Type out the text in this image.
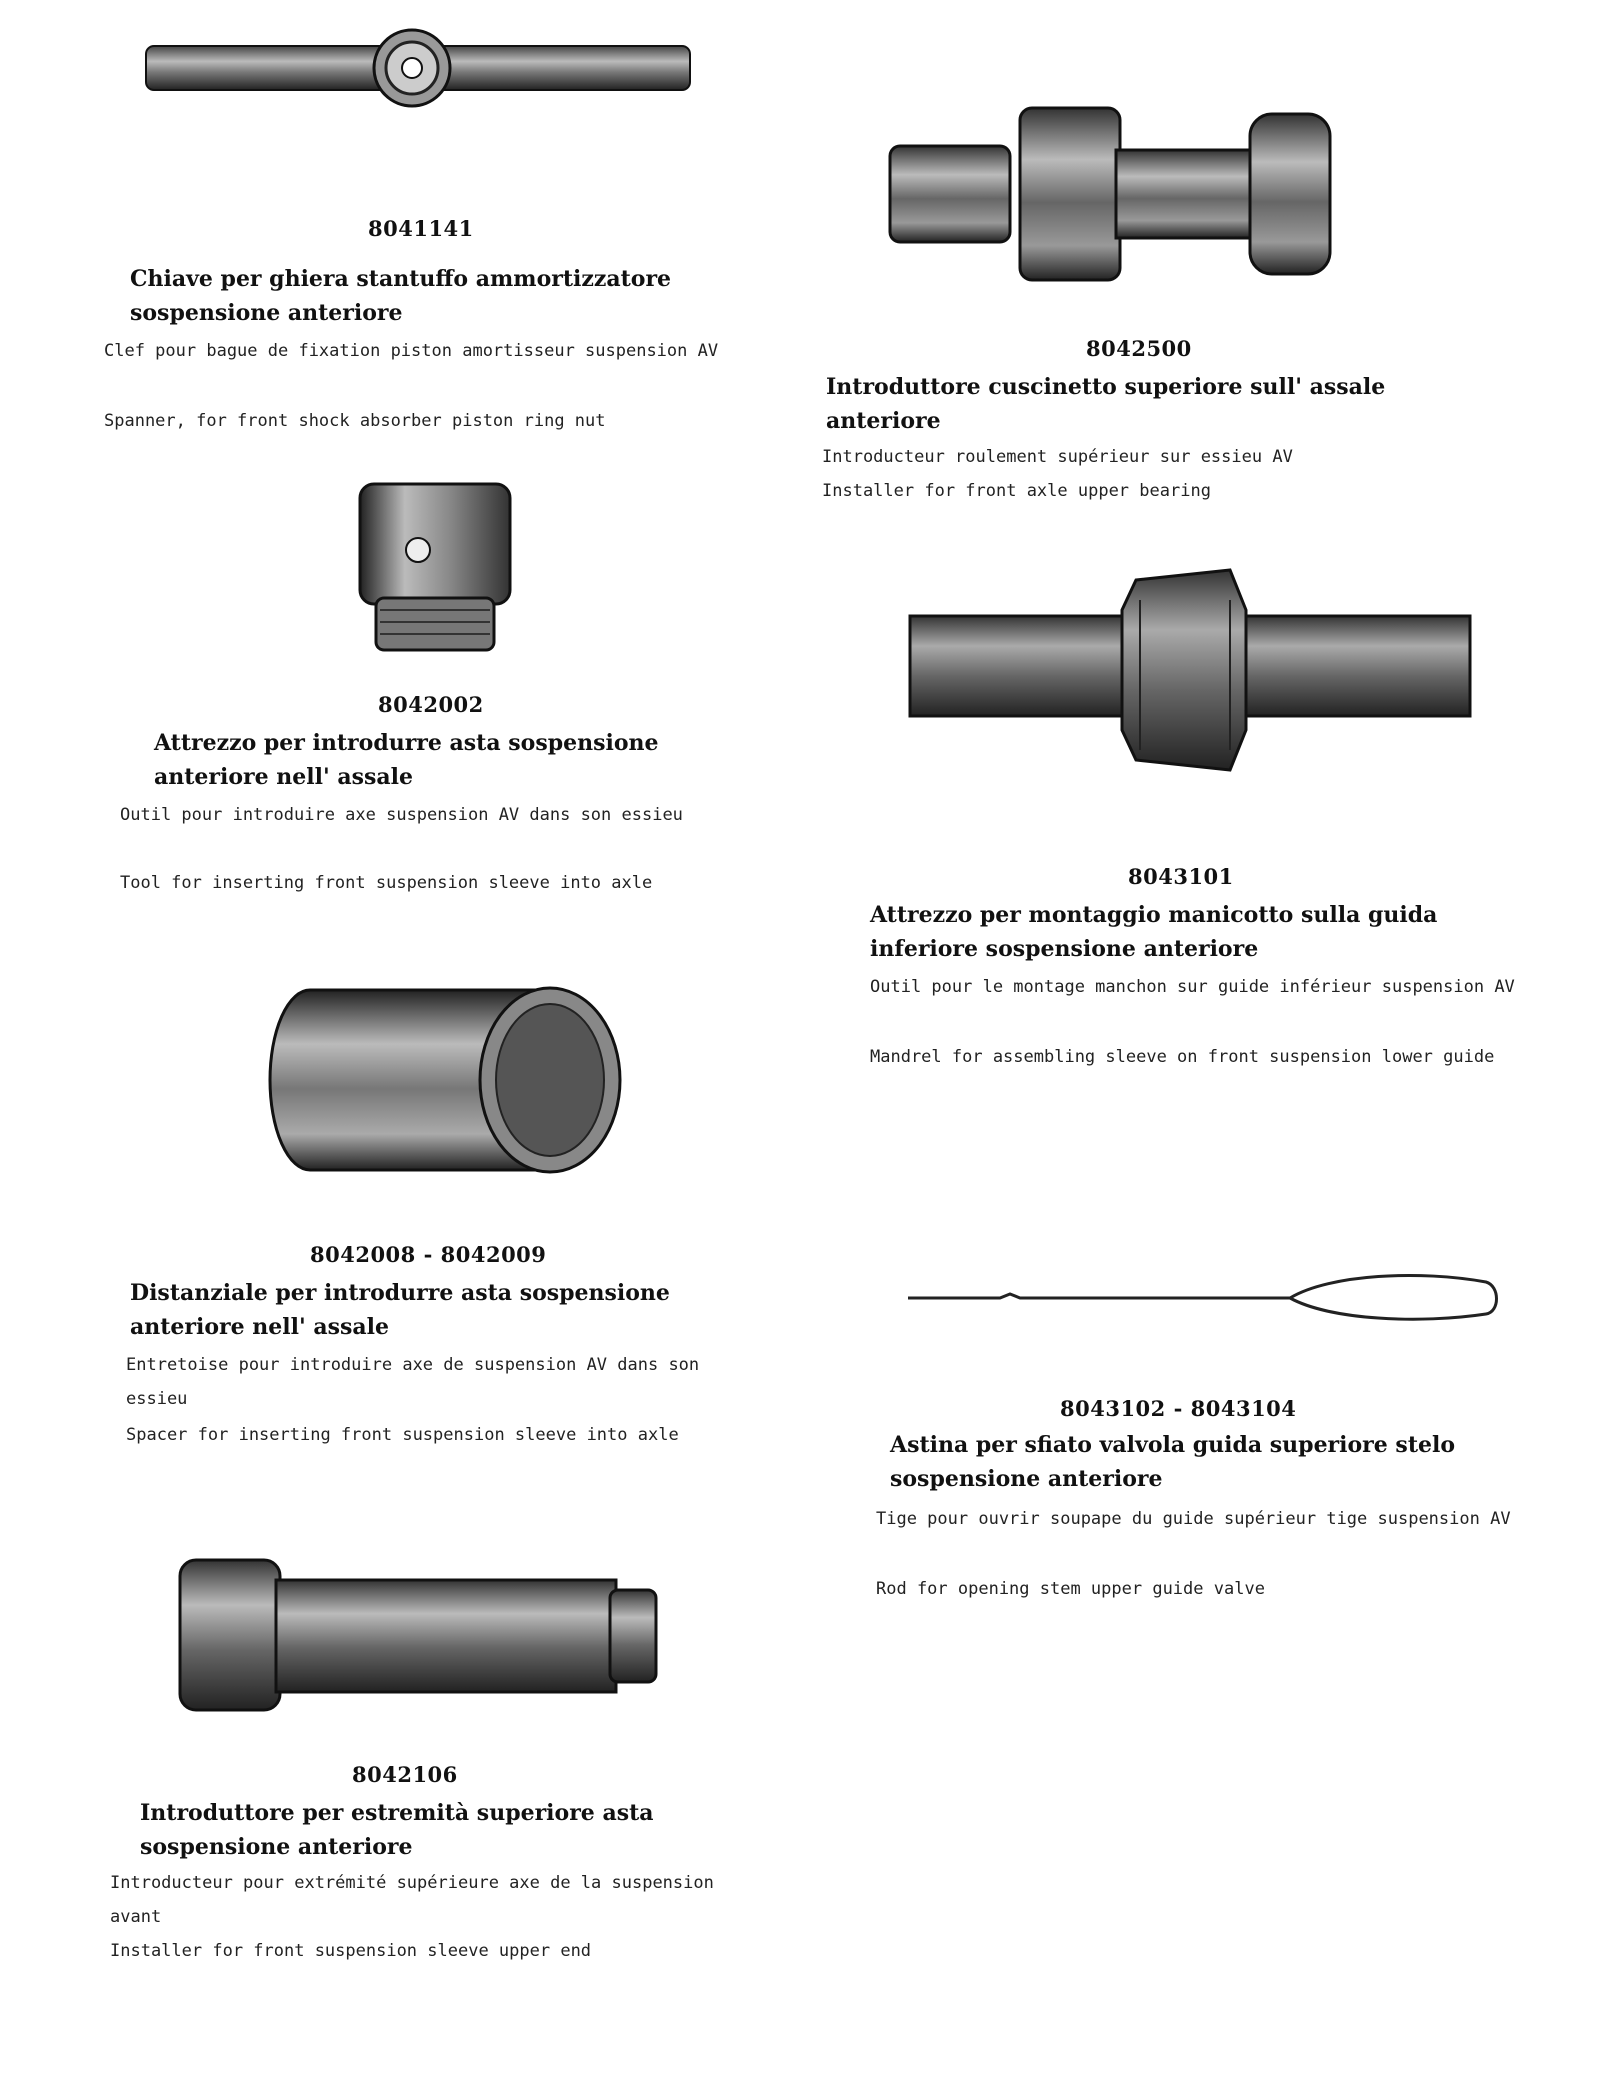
8041141
Chiave per ghiera stantuffo ammortizzatore sospensione anteriore
Clef pour bague de fixation piston amortisseur suspension AV
Spanner, for front shock absorber piston ring nut
8042500
Introduttore cuscinetto superiore sull' assale anteriore
Introducteur roulement supérieur sur essieu AV
Installer for front axle upper bearing
8042002
Attrezzo per introdurre asta sospensione anteriore nell' assale
Outil pour introduire axe suspension AV dans son essieu
Tool for inserting front suspension sleeve into axle	8043101
Attrezzo per montaggio manicotto sulla guida inferiore sospensione anteriore
Outil pour le montage manchon sur guide inférieur suspension AV
Mandrel for assembling sleeve on front suspension lower guide
8042008 - 8042009
Distanziale per introdurre asta sospensione anteriore nell' assale
Entretoise pour introduire axe de suspension AV dans son essieu
Spacer for inserting front suspension sleeve into axle
8043102 - 8043104
Astina per sfiato valvola guida superiore stelo sospensione anteriore
Tige pour ouvrir soupape du guide supérieur tige suspension AV
Rod for opening stem upper guide valve
8042106
Introduttore per estremità superiore asta sospensione anteriore
Introducteur pour extrémité supérieure axe de la suspension avant
Installer for front suspension sleeve upper end
